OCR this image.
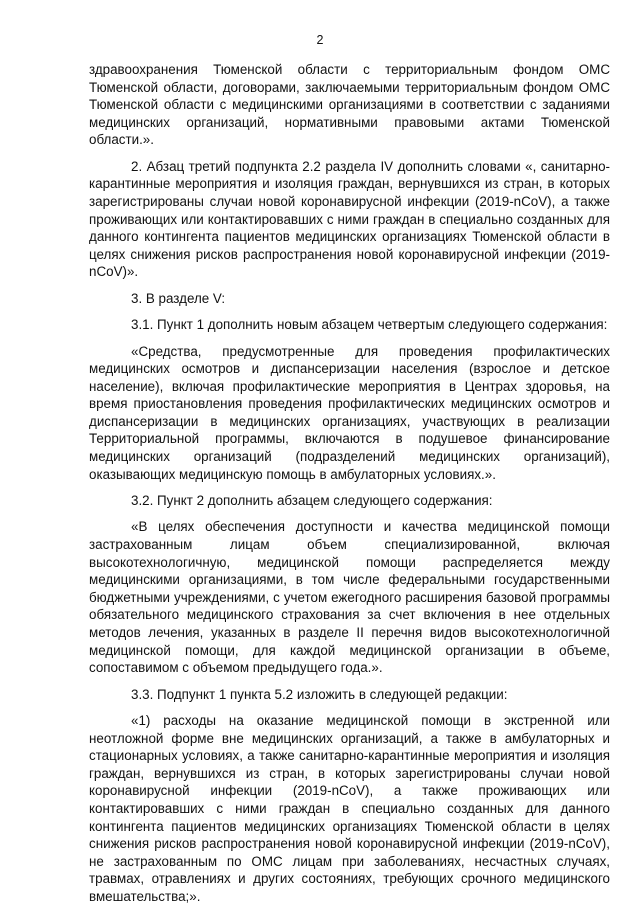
2

здравоохранения Тюменской области с территориальным фондом ОМС Тюменской области, договорами, заключаемыми территориальным фондом ОМС Тюменской области с медицинскими организациями в соответствии с заданиями медицинских организаций, нормативными правовыми актами Тюменской области.».

2. Абзац третий подпункта 2.2 раздела IV дополнить словами «, санитарно-карантинные мероприятия и изоляция граждан, вернувшихся из стран, в которых зарегистрированы случаи новой коронавирусной инфекции (2019-nCoV), а также проживающих или контактировавших с ними граждан в специально созданных для данного контингента пациентов медицинских организациях Тюменской области в целях снижения рисков распространения новой коронавирусной инфекции (2019-nCoV)».

3. В разделе V:

3.1. Пункт 1 дополнить новым абзацем четвертым следующего содержания:

«Средства, предусмотренные для проведения профилактических медицинских осмотров и диспансеризации населения (взрослое и детское население), включая профилактические мероприятия в Центрах здоровья, на время приостановления проведения профилактических медицинских осмотров и диспансеризации в медицинских организациях, участвующих в реализации Территориальной программы, включаются в подушевое финансирование медицинских организаций (подразделений медицинских организаций), оказывающих медицинскую помощь в амбулаторных условиях.».

3.2. Пункт 2 дополнить абзацем следующего содержания:

«В целях обеспечения доступности и качества медицинской помощи застрахованным лицам объем специализированной, включая высокотехнологичную, медицинской помощи распределяется между медицинскими организациями, в том числе федеральными государственными бюджетными учреждениями, с учетом ежегодного расширения базовой программы обязательного медицинского страхования за счет включения в нее отдельных методов лечения, указанных в разделе II перечня видов высокотехнологичной медицинской помощи, для каждой медицинской организации в объеме, сопоставимом с объемом предыдущего года.».

3.3. Подпункт 1 пункта 5.2 изложить в следующей редакции:

«1) расходы на оказание медицинской помощи в экстренной или неотложной форме вне медицинских организаций, а также в амбулаторных и стационарных условиях, а также санитарно-карантинные мероприятия и изоляция граждан, вернувшихся из стран, в которых зарегистрированы случаи новой коронавирусной инфекции (2019-nCoV), а также проживающих или контактировавших с ними граждан в специально созданных для данного контингента пациентов медицинских организациях Тюменской области в целях снижения рисков распространения новой коронавирусной инфекции (2019-nCoV), не застрахованным по ОМС лицам при заболеваниях, несчастных случаях, травмах, отравлениях и других состояниях, требующих срочного медицинского вмешательства;».
